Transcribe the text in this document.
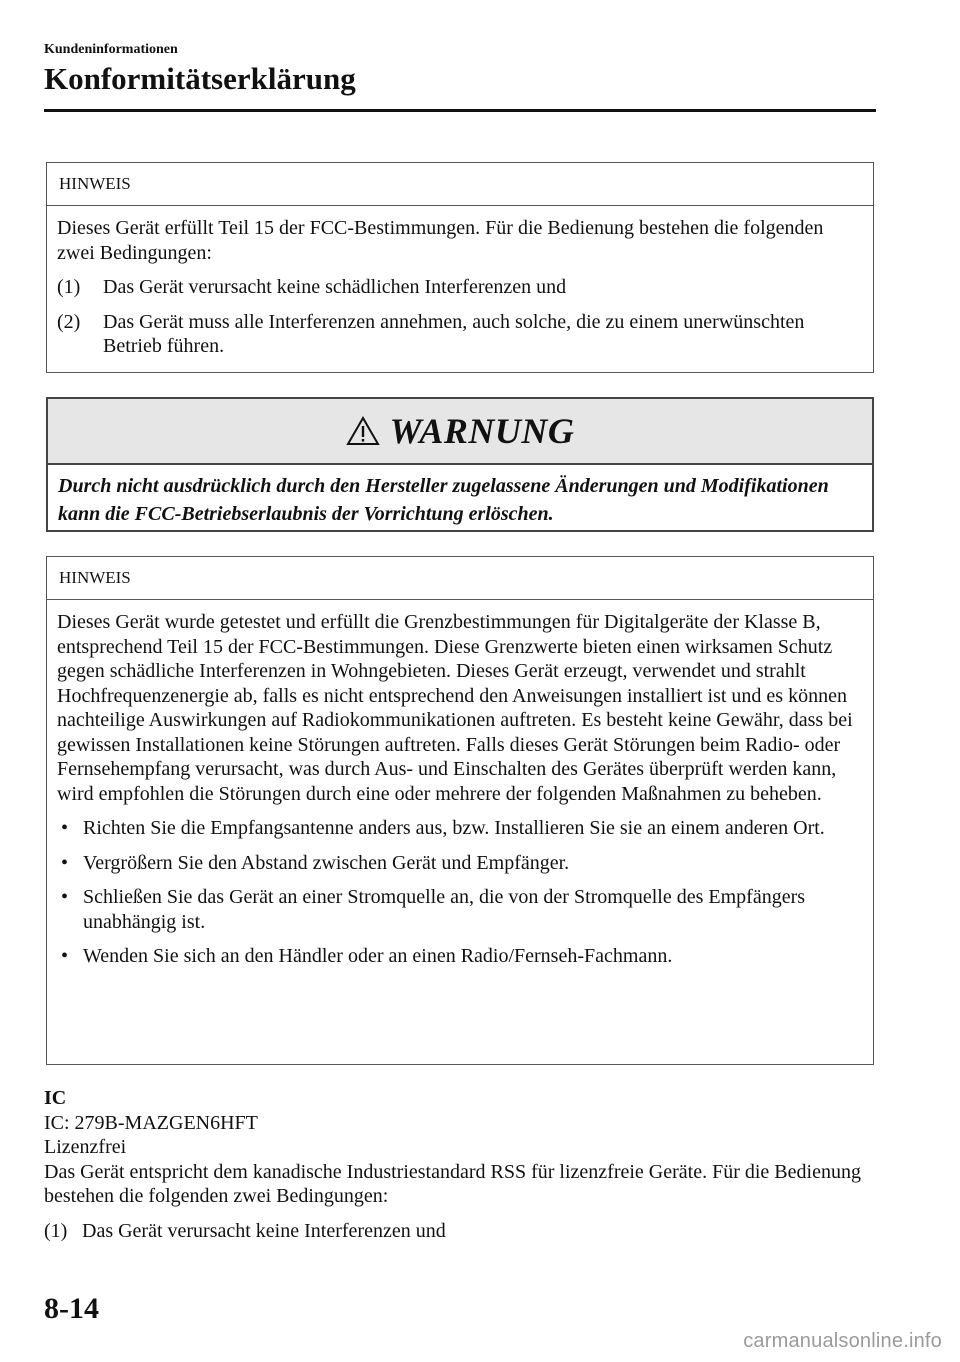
Kundeninformationen
Konformitätserklärung
HINWEIS

Dieses Gerät erfüllt Teil 15 der FCC-Bestimmungen. Für die Bedienung bestehen die folgenden zwei Bedingungen:

(1)	Das Gerät verursacht keine schädlichen Interferenzen und
(2)	Das Gerät muss alle Interferenzen annehmen, auch solche, die zu einem unerwünschten Betrieb führen.
WARNUNG
Durch nicht ausdrücklich durch den Hersteller zugelassene Änderungen und Modifikationen kann die FCC-Betriebserlaubnis der Vorrichtung erlöschen.
HINWEIS

Dieses Gerät wurde getestet und erfüllt die Grenzbestimmungen für Digitalgeräte der Klasse B, entsprechend Teil 15 der FCC-Bestimmungen. Diese Grenzwerte bieten einen wirksamen Schutz gegen schädliche Interferenzen in Wohngebieten. Dieses Gerät erzeugt, verwendet und strahlt Hochfrequenzenergie ab, falls es nicht entsprechend den Anweisungen installiert ist und es können nachteilige Auswirkungen auf Radiokommunikationen auftreten. Es besteht keine Gewähr, dass bei gewissen Installationen keine Störungen auftreten. Falls dieses Gerät Störungen beim Radio- oder Fernsehempfang verursacht, was durch Aus- und Einschalten des Gerätes überprüft werden kann, wird empfohlen die Störungen durch eine oder mehrere der folgenden Maßnahmen zu beheben.

• Richten Sie die Empfangsantenne anders aus, bzw. Installieren Sie sie an einem anderen Ort.
• Vergrößern Sie den Abstand zwischen Gerät und Empfänger.
• Schließen Sie das Gerät an einer Stromquelle an, die von der Stromquelle des Empfängers unabhängig ist.
• Wenden Sie sich an den Händler oder an einen Radio/Fernseh-Fachmann.
IC

IC: 279B-MAZGEN6HFT

Lizenzfrei

Das Gerät entspricht dem kanadische Industriestandard RSS für lizenzfreie Geräte. Für die Bedienung bestehen die folgenden zwei Bedingungen:

(1) Das Gerät verursacht keine Interferenzen und
8-14
carmanualsonline.info
